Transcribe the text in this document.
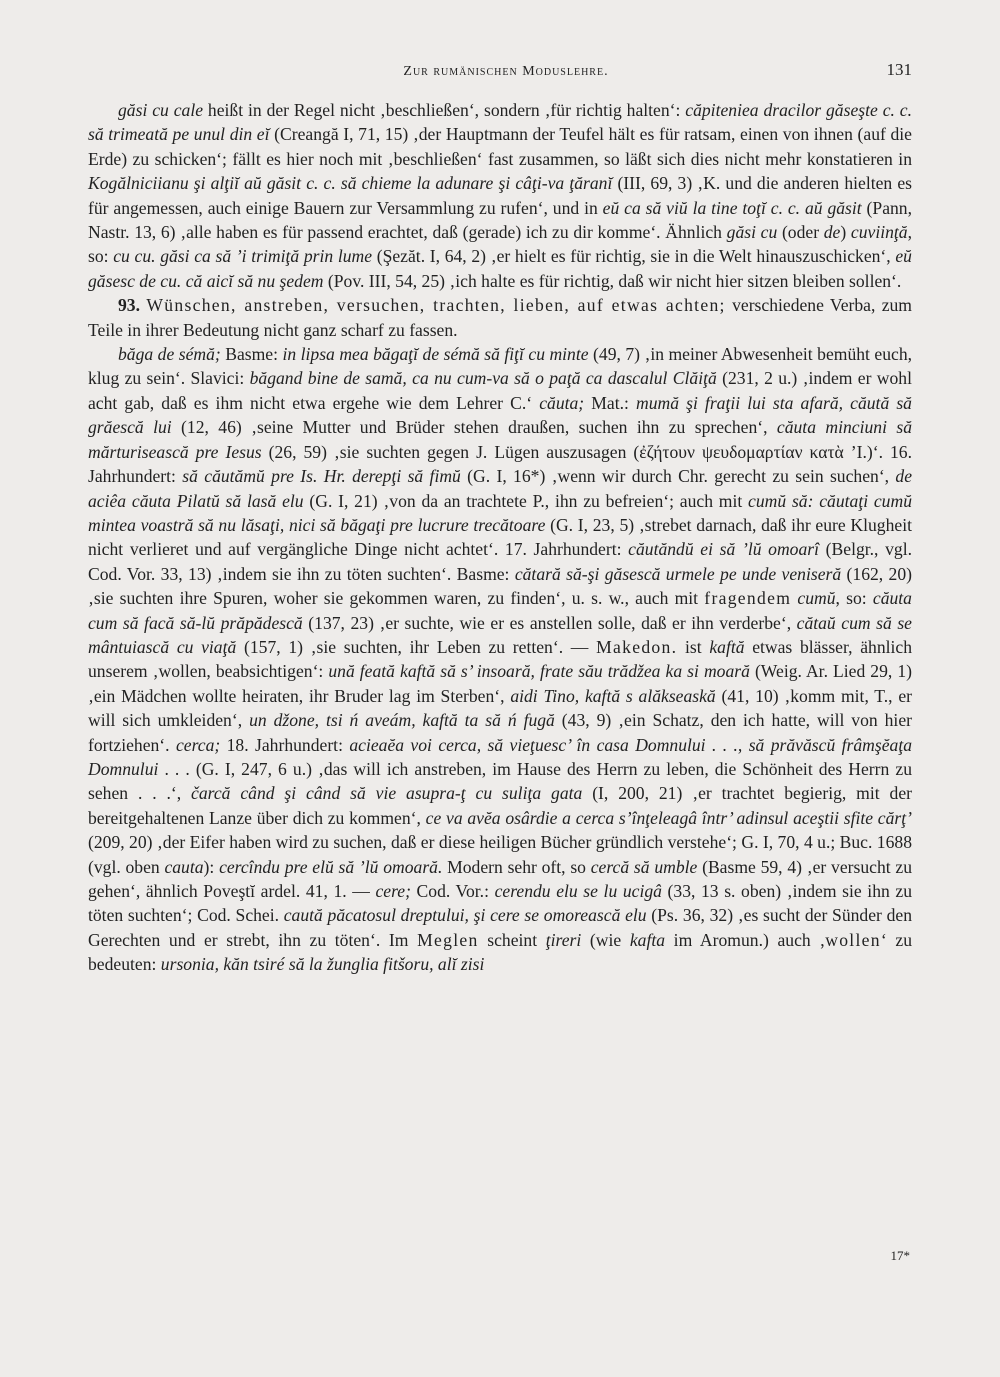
Zur rumänischen Moduslehre.	131

găsi cu cale heißt in der Regel nicht ‚beschließen‘, sondern ‚für richtig halten‘: căpiteniea dracilor găseşte c. c. să trimeată pe unul din eĭ (Creangă I, 71, 15) ‚der Hauptmann der Teufel hält es für ratsam, einen von ihnen (auf die Erde) zu schicken‘; fällt es hier noch mit ‚beschließen‘ fast zusammen, so läßt sich dies nicht mehr konstatieren in Kogălniciianu şi alţiĭ aŭ găsit c. c. să chieme la adunare şi câţi-va ţăranĭ (III, 69, 3) ‚K. und die anderen hielten es für angemessen, auch einige Bauern zur Versammlung zu rufen‘, und in eŭ ca să viŭ la tine toţĭ c. c. aŭ găsit (Pann, Nastr. 13, 6) ‚alle haben es für passend erachtet, daß (gerade) ich zu dir komme‘. Ähnlich găsi cu (oder de) cuviinţă, so: cu cu. găsi ca să ’i trimiţă prin lume (Şezăt. I, 64, 2) ‚er hielt es für richtig, sie in die Welt hinauszuschicken‘, eŭ găsesc de cu. că aicĭ să nu şedem (Pov. III, 54, 25) ‚ich halte es für richtig, daß wir nicht hier sitzen bleiben sollen‘.

93. Wünschen, anstreben, versuchen, trachten, lieben, auf etwas achten; verschiedene Verba, zum Teile in ihrer Bedeutung nicht ganz scharf zu fassen.

băga de sémă; Basme: in lipsa mea băgaţĭ de sémă să fiţĭ cu minte (49, 7) ‚in meiner Abwesenheit bemüht euch, klug zu sein‘. Slavici: băgand bine de samă, ca nu cum-va să o paţă ca dascalul Clăiţă (231, 2 u.) ‚indem er wohl acht gab, daß es ihm nicht etwa ergehe wie dem Lehrer C.‘ căuta; Mat.: mumă şi fraţii lui sta afară, căută să grăescă lui (12, 46) ‚seine Mutter und Brüder stehen draußen, suchen ihn zu sprechen‘, căuta minciuni să mărturisească pre Iesus (26, 59) ‚sie suchten gegen J. Lügen auszusagen (ἐζήτουν ψευδομαρτίαν κατὰ ’Ι.)‘. 16. Jahrhundert: să căutămŭ pre Is. Hr. derepţi să fimŭ (G. I, 16*) ‚wenn wir durch Chr. gerecht zu sein suchen‘, de aciêa căuta Pilatŭ să lasă elu (G. I, 21) ‚von da an trachtete P., ihn zu befreien‘; auch mit cumŭ să: căutaţi cumŭ mintea voastră să nu lăsaţi, nici să băgaţi pre lucrure trecătoare (G. I, 23, 5) ‚strebet darnach, daß ihr eure Klugheit nicht verlieret und auf vergängliche Dinge nicht achtet‘. 17. Jahrhundert: căutăndŭ ei să ’lŭ omoarî (Belgr., vgl. Cod. Vor. 33, 13) ‚indem sie ihn zu töten suchten‘. Basme: cătară să-şi găsescă urmele pe unde veniseră (162, 20) ‚sie suchten ihre Spuren, woher sie gekommen waren, zu finden‘, u. s. w., auch mit fragendem cumŭ, so: căuta cum să facă să-lŭ prăpădescă (137, 23) ‚er suchte, wie er es anstellen solle, daß er ihn verderbe‘, cătaŭ cum să se mântuiască cu viaţă (157, 1) ‚sie suchten, ihr Leben zu retten‘. — Makedon. ist kaftă etwas blässer, ähnlich unserem ‚wollen, beabsichtigen‘: ună feată kaftă să s’ insoară, frate său trădžea ka si moară (Weig. Ar. Lied 29, 1) ‚ein Mädchen wollte heiraten, ihr Bruder lag im Sterben‘, aidi Tino, kaftă s alăkseaskă (41, 10) ‚komm mit, T., er will sich umkleiden‘, un džone, tsi ń aveám, kaftă ta să ń fugă (43, 9) ‚ein Schatz, den ich hatte, will von hier fortziehen‘. cerca; 18. Jahrhundert: acieaĕa voi cerca, să vieţuesc’ în casa Domnului . . ., să prăvăscŭ frâmşĕaţa Domnului . . . (G. I, 247, 6 u.) ‚das will ich anstreben, im Hause des Herrn zu leben, die Schönheit des Herrn zu sehen . . .‘, čarcă când şi când să vie asupra-ţ cu suliţa gata (I, 200, 21) ‚er trachtet begierig, mit der bereitgehaltenen Lanze über dich zu kommen‘, ce va avĕa osârdie a cerca s’înţeleagâ într’ adinsul aceştii sfite cărţ’ (209, 20) ‚der Eifer haben wird zu suchen, daß er diese heiligen Bücher gründlich verstehe‘; G. I, 70, 4 u.; Buc. 1688 (vgl. oben cauta): cercîndu pre elŭ să ’lŭ omoară. Modern sehr oft, so cercă să umble (Basme 59, 4) ‚er versucht zu gehen‘, ähnlich Poveştĭ ardel. 41, 1. — cere; Cod. Vor.: cerendu elu se lu ucigâ (33, 13 s. oben) ‚indem sie ihn zu töten suchten‘; Cod. Schei. caută păcatosul dreptului, şi cere se omorească elu (Ps. 36, 32) ‚es sucht der Sünder den Gerechten und er strebt, ihn zu töten‘. Im Meglen scheint ţireri (wie kafta im Aromun.) auch ‚wollen‘ zu bedeuten: ursonia, kăn tsiré să la žunglia fitšoru, alĭ zisi

17*
